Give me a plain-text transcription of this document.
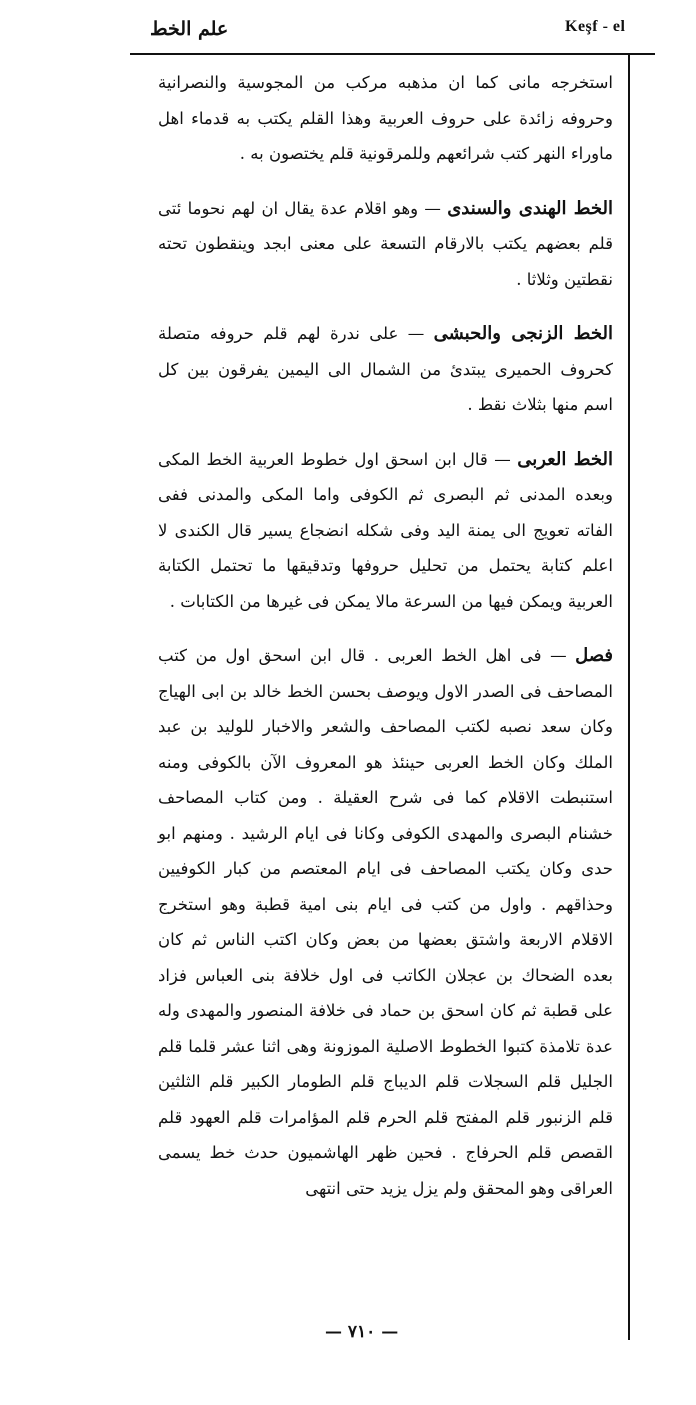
علم الخط	Keşf - el

استخرجه مانى كما ان مذهبه مركب من المجوسية والنصرانية وحروفه زائدة على حروف العربية وهذا القلم يكتب به قدماء اهل ماوراء النهر كتب شرائعهم وللمرقونية قلم يختصون به .

الخط الهندى والسندى — وهو اقلام عدة يقال ان لهم نحوما ئتى قلم بعضهم يكتب بالارقام التسعة على معنى ابجد وينقطون تحته نقطتين وثلاثا .

الخط الزنجى والحبشى — على ندرة لهم قلم حروفه متصلة كحروف الحميرى يبتدئ من الشمال الى اليمين يفرقون بين كل اسم منها بثلاث نقط .

الخط العربى — قال ابن اسحق اول خطوط العربية الخط المكى وبعده المدنى ثم البصرى ثم الكوفى واما المكى والمدنى ففى الفاته تعويج الى يمنة اليد وفى شكله انضجاع يسير قال الكندى لا اعلم كتابة يحتمل من تحليل حروفها وتدقيقها ما تحتمل الكتابة العربية ويمكن فيها من السرعة مالا يمكن فى غيرها من الكتابات .

فصل — فى اهل الخط العربى . قال ابن اسحق اول من كتب المصاحف فى الصدر الاول ويوصف بحسن الخط خالد بن ابى الهياج وكان سعد نصبه لكتب المصاحف والشعر والاخبار للوليد بن عبد الملك وكان الخط العربى حينئذ هو المعروف الآن بالكوفى ومنه استنبطت الاقلام كما فى شرح العقيلة . ومن كتاب المصاحف خشنام البصرى والمهدى الكوفى وكانا فى ايام الرشيد . ومنهم ابو حدى وكان يكتب المصاحف فى ايام المعتصم من كبار الكوفيين وحذاقهم . واول من كتب فى ايام بنى امية قطبة وهو استخرج الاقلام الاربعة واشتق بعضها من بعض وكان اكتب الناس ثم كان بعده الضحاك بن عجلان الكاتب فى اول خلافة بنى العباس فزاد على قطبة ثم كان اسحق بن حماد فى خلافة المنصور والمهدى وله عدة تلامذة كتبوا الخطوط الاصلية الموزونة وهى اثنا عشر قلما قلم الجليل قلم السجلات قلم الديباج قلم الطومار الكبير قلم الثلثين قلم الزنبور قلم المفتح قلم الحرم قلم المؤامرات قلم العهود قلم القصص قلم الحرفاج . فحين ظهر الهاشميون حدث خط يسمى العراقى وهو المحقق ولم يزل يزيد حتى انتهى

— ٧١٠ —
